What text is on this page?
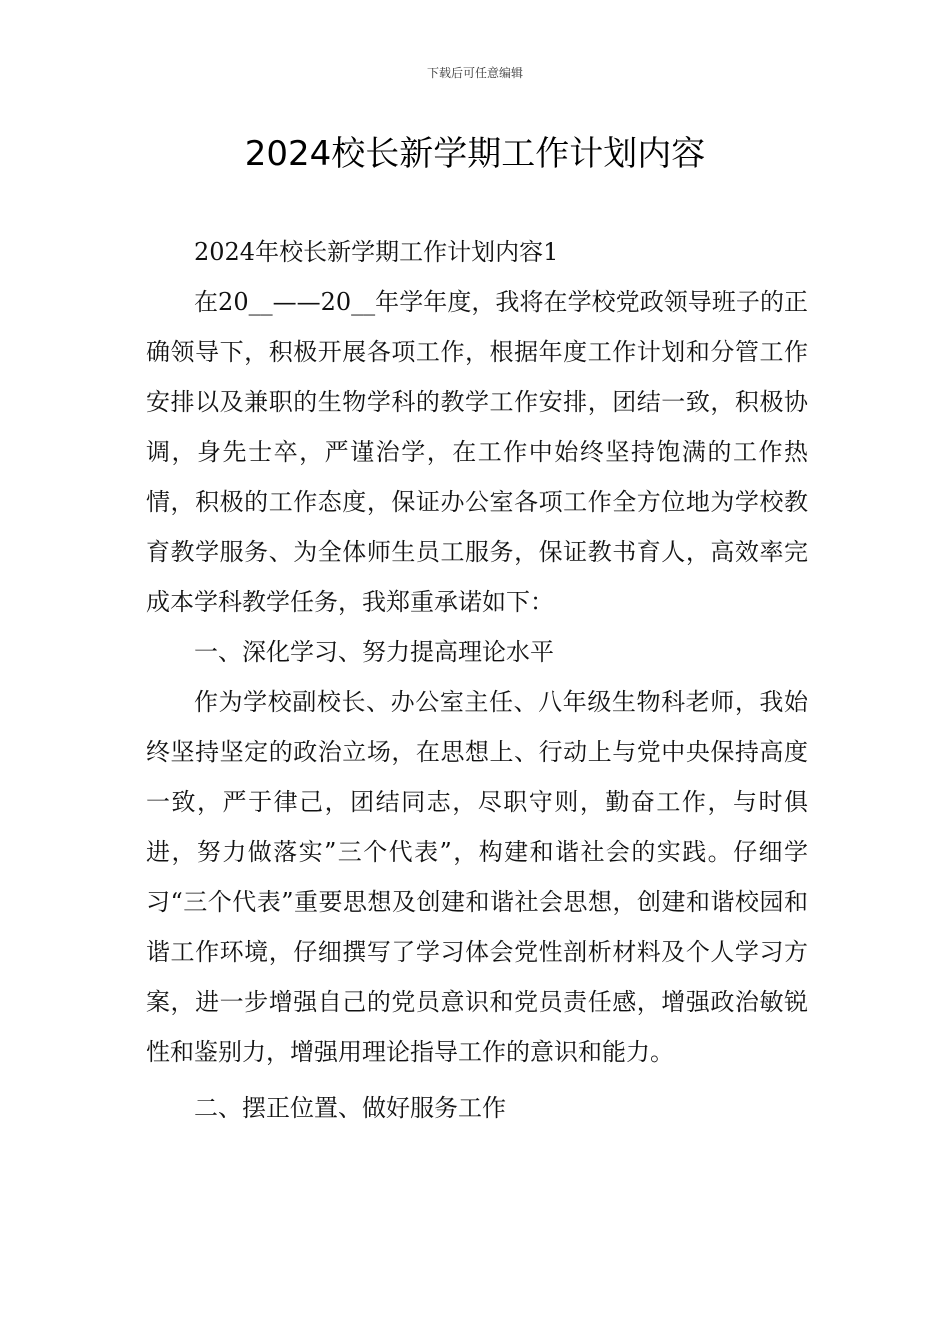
下载后可任意编辑
2024校长新学期工作计划内容

2024年校长新学期工作计划内容1

在20__——20__年学年度，我将在学校党政领导班子的正确领导下，积极开展各项工作，根据年度工作计划和分管工作安排以及兼职的生物学科的教学工作安排，团结一致，积极协调，身先士卒，严谨治学，在工作中始终坚持饱满的工作热情，积极的工作态度，保证办公室各项工作全方位地为学校教育教学服务、为全体师生员工服务，保证教书育人，高效率完成本学科教学任务，我郑重承诺如下：

一、深化学习、努力提高理论水平

作为学校副校长、办公室主任、八年级生物科老师，我始终坚持坚定的政治立场，在思想上、行动上与党中央保持高度一致，严于律己，团结同志，尽职守则，勤奋工作，与时俱进，努力做落实”三个代表”，构建和谐社会的实践。仔细学习“三个代表”重要思想及创建和谐社会思想，创建和谐校园和谐工作环境，仔细撰写了学习体会党性剖析材料及个人学习方案，进一步增强自己的党员意识和党员责任感，增强政治敏锐性和鉴别力，增强用理论指导工作的意识和能力。

二、摆正位置、做好服务工作
